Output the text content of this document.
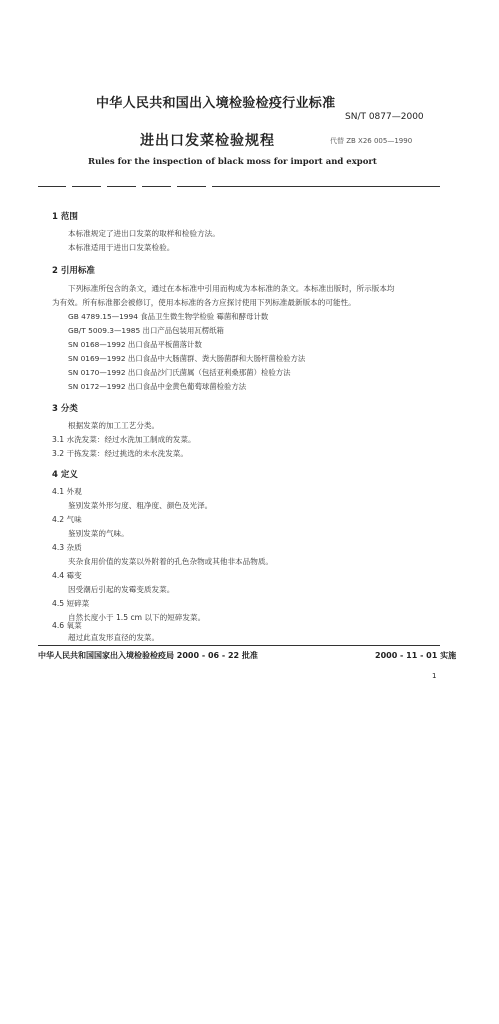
中华人民共和国出入境检验检疫行业标准
SN/T 0877—2000
进出口发菜检验规程	代替 ZB X26 005—1990
Rules for the inspection of black moss for import and export
1 范围
本标准规定了进出口发菜的取样和检验方法。
本标准适用于进出口发菜检验。
2 引用标准
下列标准所包含的条文，通过在本标准中引用而构成为本标准的条文。本标准出版时，所示版本均
为有效。所有标准都会被修订，使用本标准的各方应探讨使用下列标准最新版本的可能性。
GB 4789.15—1994 食品卫生微生物学检验 霉菌和酵母计数
GB/T 5009.3—1985 出口产品包装用瓦楞纸箱
SN 0168—1992 出口食品平板菌落计数
SN 0169—1992 出口食品中大肠菌群、粪大肠菌群和大肠杆菌检验方法
SN 0170—1992 出口食品沙门氏菌属（包括亚利桑那菌）检验方法
SN 0172—1992 出口食品中金黄色葡萄球菌检验方法
3 分类
根据发菜的加工工艺分类。
3.1 水洗发菜：经过水洗加工制成的发菜。
3.2 干拣发菜：经过挑选的未水洗发菜。
4 定义
4.1 外观
鉴别发菜外形匀度、粗净度、颜色及光泽。
4.2 气味
鉴别发菜的气味。
4.3 杂质
夹杂食用价值的发菜以外附着的孔色杂物或其他非本品物质。
4.4 霉变
因受潮后引起的发霉变质发菜。
4.5 短碎菜
自然长度小于 1.5 cm 以下的短碎发菜。
4.6 氧菜
超过此直发形直径的发菜。
中华人民共和国国家出入境检验检疫局 2000 - 06 - 22 批准	2000 - 11 - 01 实施
1
